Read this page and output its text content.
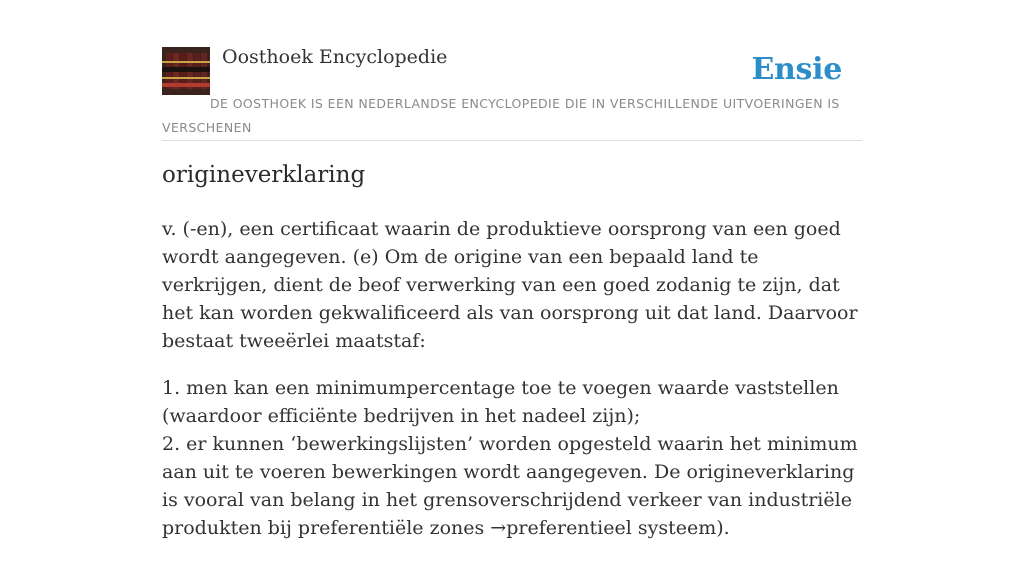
Oosthoek Encyclopedie	Ensie
DE OOSTHOEK IS EEN NEDERLANDSE ENCYCLOPEDIE DIE IN VERSCHILLENDE UITVOERINGEN IS VERSCHENEN
origineverklaring

v. (-en), een certificaat waarin de produktieve oorsprong van een goed wordt aangegeven. (e) Om de origine van een bepaald land te verkrijgen, dient de beof verwerking van een goed zodanig te zijn, dat het kan worden gekwalificeerd als van oorsprong uit dat land. Daarvoor bestaat tweeërlei maatstaf:

1. men kan een minimumpercentage toe te voegen waarde vaststellen (waardoor efficiënte bedrijven in het nadeel zijn);
2. er kunnen ‘bewerkingslijsten’ worden opgesteld waarin het minimum aan uit te voeren bewerkingen wordt aangegeven. De origineverklaring is vooral van belang in het grensoverschrijdend verkeer van industriële produkten bij preferentiële zones →preferentieel systeem).
